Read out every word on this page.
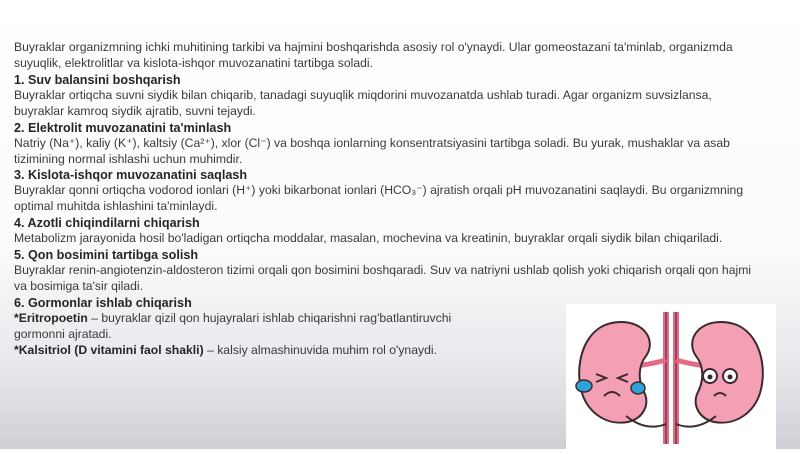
Buyraklar organizmning ichki muhitining tarkibi va hajmini boshqarishda asosiy rol o'ynaydi. Ular gomeostazani ta'minlab, organizmda suyuqlik, elektrolitlar va kislota-ishqor muvozanatini tartibga soladi.

1. Suv balansini boshqarish

Buyraklar ortiqcha suvni siydik bilan chiqarib, tanadagi suyuqlik miqdorini muvozanatda ushlab turadi. Agar organizm suvsizlansa, buyraklar kamroq siydik ajratib, suvni tejaydi.

2. Elektrolit muvozanatini ta'minlash

Natriy (Na⁺), kaliy (K⁺), kaltsiy (Ca²⁺), xlor (Cl⁻) va boshqa ionlarning konsentratsiyasini tartibga soladi. Bu yurak, mushaklar va asab tizimining normal ishlashi uchun muhimdir.

3. Kislota-ishqor muvozanatini saqlash

Buyraklar qonni ortiqcha vodorod ionlari (H⁺) yoki bikarbonat ionlari (HCO₃⁻) ajratish orqali pH muvozanatini saqlaydi. Bu organizmning optimal muhitda ishlashini ta'minlaydi.

4. Azotli chiqindilarni chiqarish

Metabolizm jarayonida hosil bo'ladigan ortiqcha moddalar, masalan, mochevina va kreatinin, buyraklar orqali siydik bilan chiqariladi.

5. Qon bosimini tartibga solish

Buyraklar renin-angiotenzin-aldosteron tizimi orqali qon bosimini boshqaradi. Suv va natriyni ushlab qolish yoki chiqarish orqali qon hajmi va bosimiga ta'sir qiladi.

6. Gormonlar ishlab chiqarish

*Eritropoetin – buyraklar qizil qon hujayralari ishlab chiqarishni rag'batlantiruvchi gormonni ajratadi.

*Kalsitriol (D vitamini faol shakli) – kalsiy almashinuvida muhim rol o'ynaydi.
